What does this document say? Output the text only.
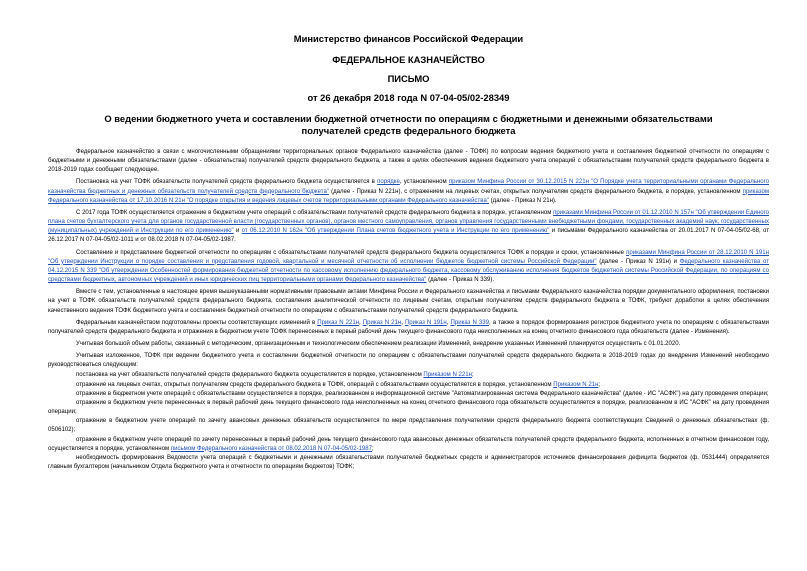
Министерство финансов Российской Федерации
ФЕДЕРАЛЬНОЕ КАЗНАЧЕЙСТВО
ПИСЬМО
от 26 декабря 2018 года N 07-04-05/02-28349
О ведении бюджетного учета и составлении бюджетной отчетности по операциям с бюджетными и денежными обязательствами получателей средств федерального бюджета

Федеральное казначейство в связи с многочисленными обращениями территориальных органов Федерального казначейства (далее - ТОФК) по вопросам ведения бюджетного учета и составления бюджетной отчетности по операциям с бюджетными и денежными обязательствами (далее - обязательства) получателей средств федерального бюджета, а также в целях обеспечения ведения бюджетного учета операций с обязательствами получателей средств федерального бюджета в 2018-2019 годах сообщает следующее.

Постановка на учет ТОФК обязательств получателей средств федерального бюджета осуществляется в порядке, установленном приказом Минфина России от 30.12.2015 N 221н "О Порядке учета территориальными органами Федерального казначейства бюджетных и денежных обязательств получателей средств федерального бюджета" (далее - Приказ N 221н), с отражением на лицевых счетах, открытых получателям средств федерального бюджета, в порядке, установленном приказом Федерального казначейства от 17.10.2016 N 21н "О порядке открытия и ведения лицевых счетов территориальными органами Федерального казначейства" (далее - Приказ N 21н).

С 2017 года ТОФК осуществляется отражение в бюджетном учете операций с обязательствами получателей средств федерального бюджета в порядке, установленном приказами Минфина России от 01.12.2010 N 157н "Об утверждении Единого плана счетов бухгалтерского учета для органов государственной власти (государственных органов), органов местного самоуправления, органов управления государственными внебюджетными фондами, государственных академий наук, государственных (муниципальных) учреждений и Инструкции по его применению" и от 06.12.2010 N 162н "Об утверждении Плана счетов бюджетного учета и Инструкции по его применению" и письмами Федерального казначейства от 20.01.2017 N 07-04-05/02-68, от 26.12.2017 N 07-04-05/02-1011 и от 08.02.2018 N 07-04-05/02-1987.

Составление и представление бюджетной отчетности по операциям с обязательствами получателей средств федерального бюджета осуществляется ТОФК в порядке и сроки, установленные приказами Минфина России от 28.12.2010 N 191н "Об утверждении Инструкции о порядке составления и представления годовой, квартальной и месячной отчетности об исполнении бюджетов бюджетной системы Российской Федерации" (далее - Приказ N 191н) и Федерального казначейства от 04.12.2015 N 339 "Об утверждении Особенностей формирования бюджетной отчетности по кассовому исполнению федерального бюджета, кассовому обслуживанию исполнения бюджетов бюджетной системы Российской Федерации, по операциям со средствами бюджетных, автономных учреждений и иных юридических лиц территориальными органами Федерального казначейства" (далее - Приказ N 339).

Вместе с тем, установленные в настоящее время вышеуказанными нормативными правовыми актами Минфина России и Федерального казначейства и письмами Федерального казначейства порядки документального оформления, постановки на учет в ТОФК обязательств получателей средств федерального бюджета, составления аналитической отчетности по лицевым счетам, открытым получателям средств федерального бюджета в ТОФК, требуют доработки в целях обеспечения качественного ведения ТОФК бюджетного учета и составления бюджетной отчетности по операциям с обязательствами получателей средств федерального бюджета.

Федеральным казначейством подготовлены проекты соответствующих изменений в Приказ N 221н, Приказ N 21н, Приказ N 191н, Приказ N 339, а также в порядок формирования регистров бюджетного учета по операциям с обязательствами получателей средств федерального бюджета и отражения в бюджетном учете ТОФК перенесенных в первый рабочий день текущего финансового года неисполненных на конец отчетного финансового года обязательств (далее - Изменения).

Учитывая большой объем работы, связанный с методическим, организационным и технологическим обеспечением реализации Изменений, внедрение указанных Изменений планируется осуществить с 01.01.2020.

Учитывая изложенное, ТОФК при ведении бюджетного учета и составлении бюджетной отчетности по операциям с обязательствами получателей средств федерального бюджета в 2018-2019 годах до внедрения Изменений необходимо руководствоваться следующим:

постановка на учет обязательств получателей средств федерального бюджета осуществляется в порядке, установленном Приказом N 221н;

отражение на лицевых счетах, открытых получателям средств федерального бюджета в ТОФК, операций с обязательствами осуществляется в порядке, установленном Приказом N 21н;

отражение в бюджетном учете операций с обязательствами осуществляется в порядке, реализованном в информационной системе "Автоматизированная система Федерального казначейства" (далее - ИС "АСФК") на дату проведения операции;

отражение в бюджетном учете перенесенных в первый рабочий день текущего финансового года неисполненных на конец отчетного финансового года обязательств осуществляется в порядке, реализованном в ИС "АСФК" на дату проведения операции;

отражение в бюджетном учете операций по зачету авансовых денежных обязательств осуществляется по мере представления получателями средств федерального бюджета соответствующих Сведений о денежных обязательствах (ф. 0506102);

отражение в бюджетном учете операций по зачету перенесенных в первый рабочий день текущего финансового года авансовых денежных обязательств получателей средств федерального бюджета, исполненных в отчетном финансовом году, осуществляется в порядке, установленном письмом Федерального казначейства от 08.02.2018 N 07-04-05/02-1987;

необходимость формирования Ведомости учета операций с бюджетными и денежными обязательствами получателей бюджетных средств и администраторов источников финансирования дефицита бюджетов (ф. 0531444) определяется главным бухгалтером (начальником Отдела бюджетного учета и отчетности по операциям бюджетов) ТОФК;
